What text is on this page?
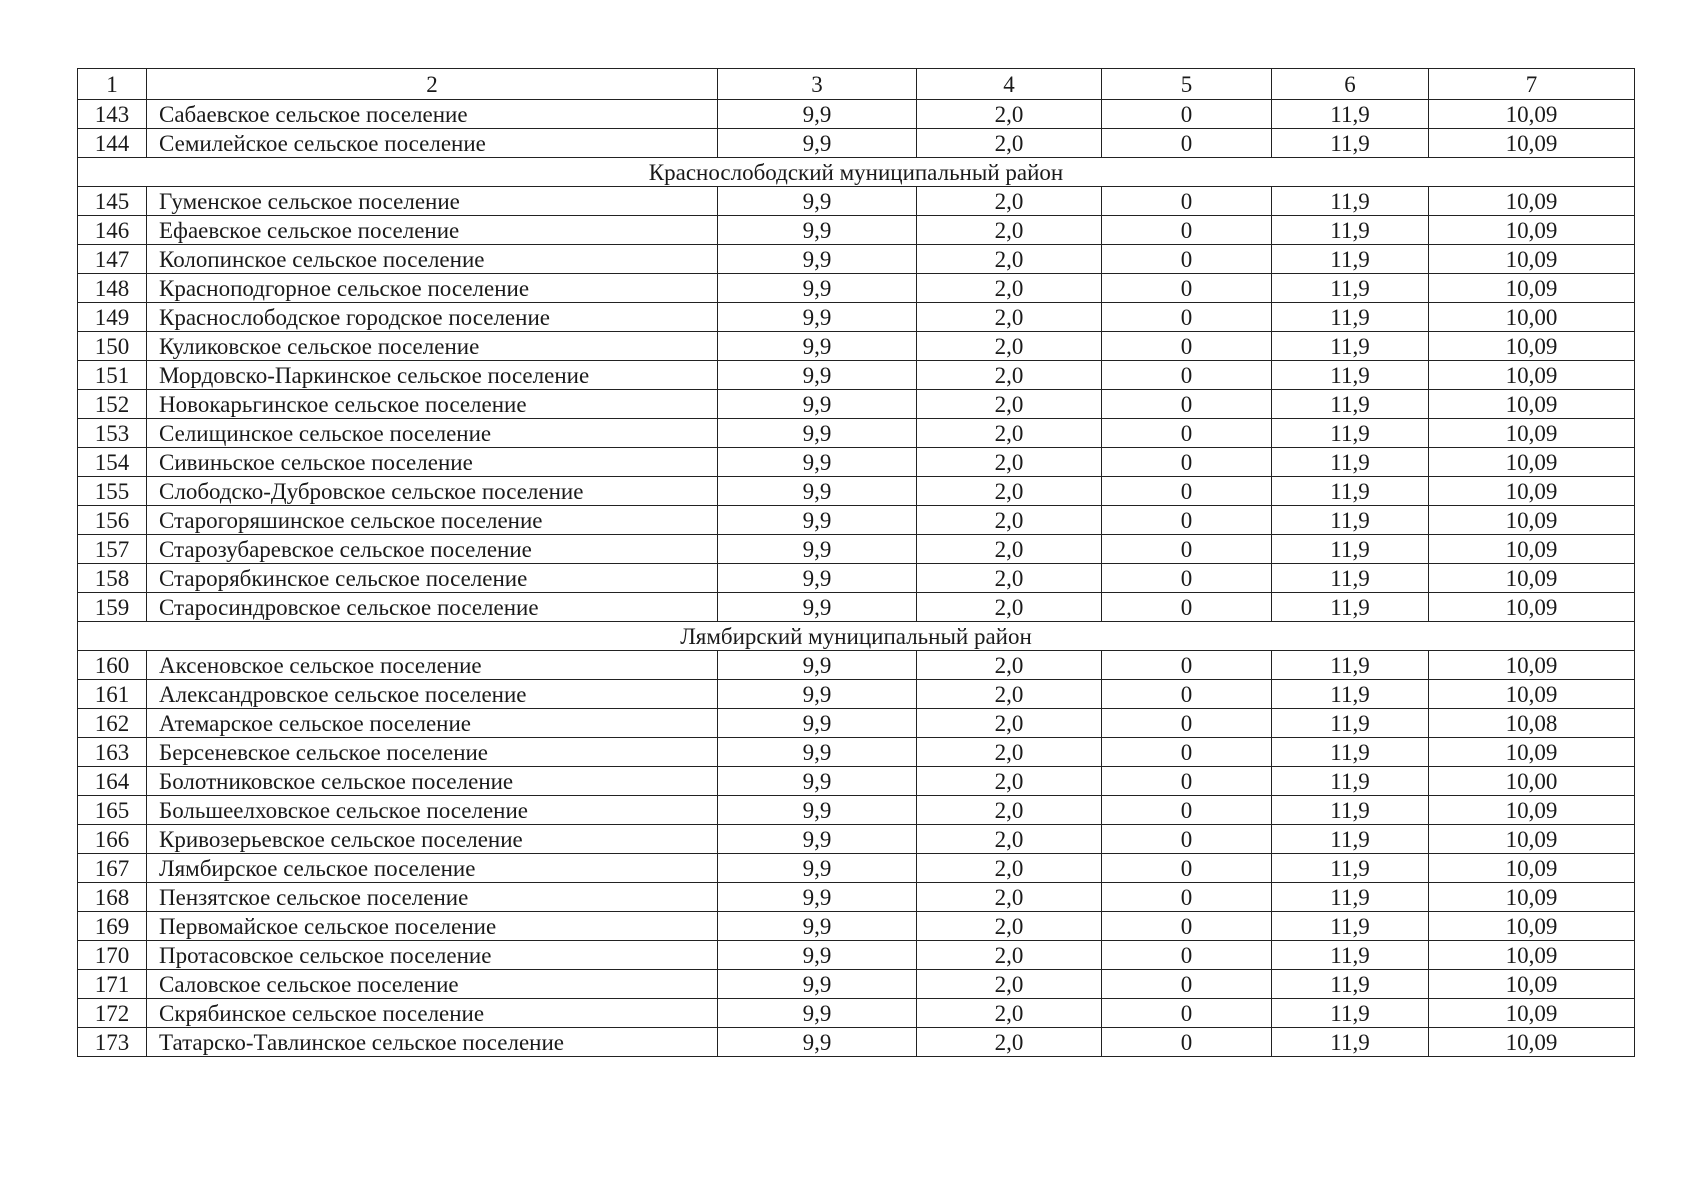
1	2	3	4	5	6	7
143	Сабаевское сельское поселение	9,9	2,0	0	11,9	10,09
144	Семилейское сельское поселение	9,9	2,0	0	11,9	10,09
Краснослободский муниципальный район						
145	Гуменское сельское поселение	9,9	2,0	0	11,9	10,09
146	Ефаевское сельское поселение	9,9	2,0	0	11,9	10,09
147	Колопинское сельское поселение	9,9	2,0	0	11,9	10,09
148	Красноподгорное сельское поселение	9,9	2,0	0	11,9	10,09
149	Краснослободское городское поселение	9,9	2,0	0	11,9	10,00
150	Куликовское сельское поселение	9,9	2,0	0	11,9	10,09
151	Мордовско-Паркинское сельское поселение	9,9	2,0	0	11,9	10,09
152	Новокарьгинское сельское поселение	9,9	2,0	0	11,9	10,09
153	Селищинское сельское поселение	9,9	2,0	0	11,9	10,09
154	Сивиньское сельское поселение	9,9	2,0	0	11,9	10,09
155	Слободско-Дубровское сельское поселение	9,9	2,0	0	11,9	10,09
156	Старогоряшинское сельское поселение	9,9	2,0	0	11,9	10,09
157	Старозубаревское сельское поселение	9,9	2,0	0	11,9	10,09
158	Старорябкинское сельское поселение	9,9	2,0	0	11,9	10,09
159	Старосиндровское сельское поселение	9,9	2,0	0	11,9	10,09
Лямбирский муниципальный район						
160	Аксеновское сельское поселение	9,9	2,0	0	11,9	10,09
161	Александровское сельское поселение	9,9	2,0	0	11,9	10,09
162	Атемарское сельское поселение	9,9	2,0	0	11,9	10,08
163	Берсеневское сельское поселение	9,9	2,0	0	11,9	10,09
164	Болотниковское сельское поселение	9,9	2,0	0	11,9	10,00
165	Большеелховское сельское поселение	9,9	2,0	0	11,9	10,09
166	Кривозерьевское сельское поселение	9,9	2,0	0	11,9	10,09
167	Лямбирское сельское поселение	9,9	2,0	0	11,9	10,09
168	Пензятское сельское поселение	9,9	2,0	0	11,9	10,09
169	Первомайское сельское поселение	9,9	2,0	0	11,9	10,09
170	Протасовское сельское поселение	9,9	2,0	0	11,9	10,09
171	Саловское сельское поселение	9,9	2,0	0	11,9	10,09
172	Скрябинское сельское поселение	9,9	2,0	0	11,9	10,09
173	Татарско-Тавлинское сельское поселение	9,9	2,0	0	11,9	10,09
